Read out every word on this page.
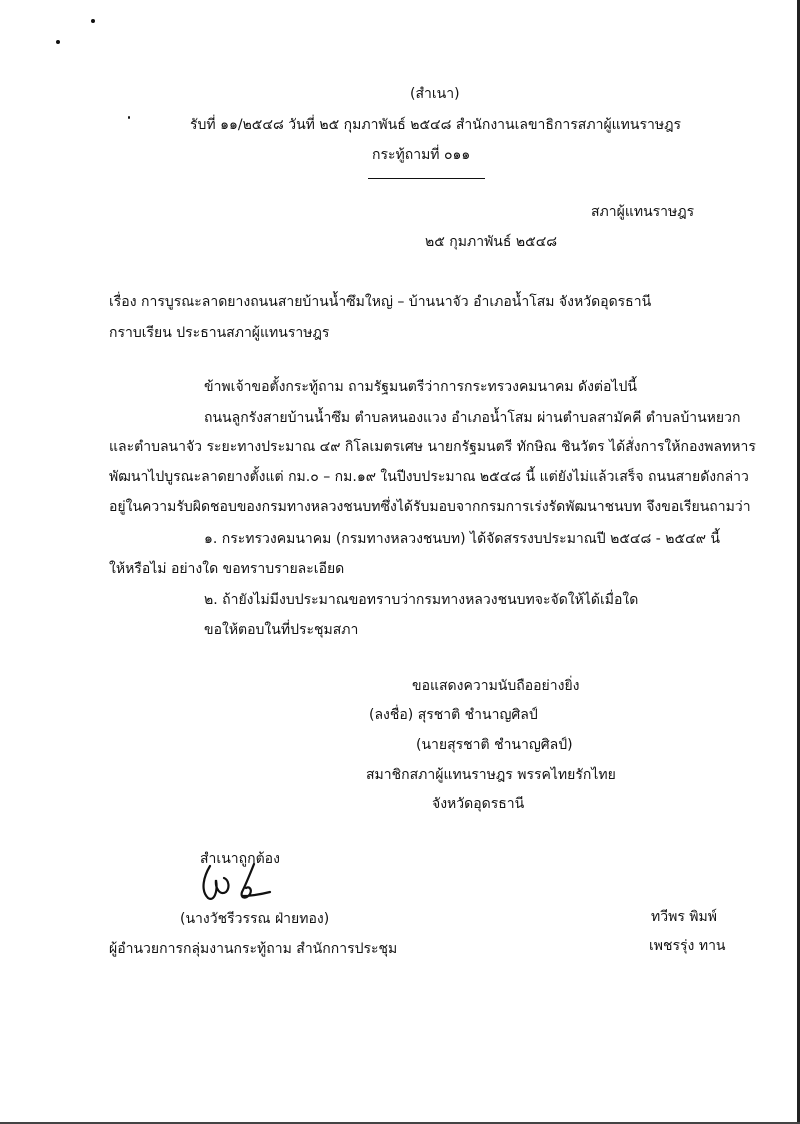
(สำเนา)
รับที่ ๑๑/๒๕๔๘ วันที่ ๒๕ กุมภาพันธ์ ๒๕๔๘ สำนักงานเลขาธิการสภาผู้แทนราษฎร
กระทู้ถามที่ ๐๑๑
สภาผู้แทนราษฎร
๒๕ กุมภาพันธ์ ๒๕๔๘
เรื่อง การบูรณะลาดยางถนนสายบ้านน้ำซึมใหญ่ – บ้านนาจัว อำเภอน้ำโสม จังหวัดอุดรธานี
กราบเรียน ประธานสภาผู้แทนราษฎร
ข้าพเจ้าขอตั้งกระทู้ถาม ถามรัฐมนตรีว่าการกระทรวงคมนาคม ดังต่อไปนี้
ถนนลูกรังสายบ้านน้ำซึม ตำบลหนองแวง อำเภอน้ำโสม ผ่านตำบลสามัคคี ตำบลบ้านหยวก
และตำบลนาจัว ระยะทางประมาณ ๔๙ กิโลเมตรเศษ นายกรัฐมนตรี ทักษิณ ชินวัตร ได้สั่งการให้กองพลทหาร
พัฒนาไปบูรณะลาดยางตั้งแต่ กม.๐ – กม.๑๙ ในปีงบประมาณ ๒๕๔๘ นี้ แต่ยังไม่แล้วเสร็จ ถนนสายดังกล่าว
อยู่ในความรับผิดชอบของกรมทางหลวงชนบทซึ่งได้รับมอบจากกรมการเร่งรัดพัฒนาชนบท จึงขอเรียนถามว่า
๑. กระทรวงคมนาคม (กรมทางหลวงชนบท) ได้จัดสรรงบประมาณปี ๒๕๔๘ - ๒๕๔๙ นี้
ให้หรือไม่ อย่างใด ขอทราบรายละเอียด
๒. ถ้ายังไม่มีงบประมาณขอทราบว่ากรมทางหลวงชนบทจะจัดให้ได้เมื่อใด
ขอให้ตอบในที่ประชุมสภา
ขอแสดงความนับถืออย่างยิ่ง
(ลงชื่อ) สุรชาติ ชำนาญศิลป์
(นายสุรชาติ ชำนาญศิลป์)
สมาชิกสภาผู้แทนราษฎร พรรคไทยรักไทย
จังหวัดอุดรธานี
สำเนาถูกต้อง
(นางวัชรีวรรณ ฝ่ายทอง)
ผู้อำนวยการกลุ่มงานกระทู้ถาม สำนักการประชุม
ทวีพร พิมพ์
เพชรรุ่ง ทาน
